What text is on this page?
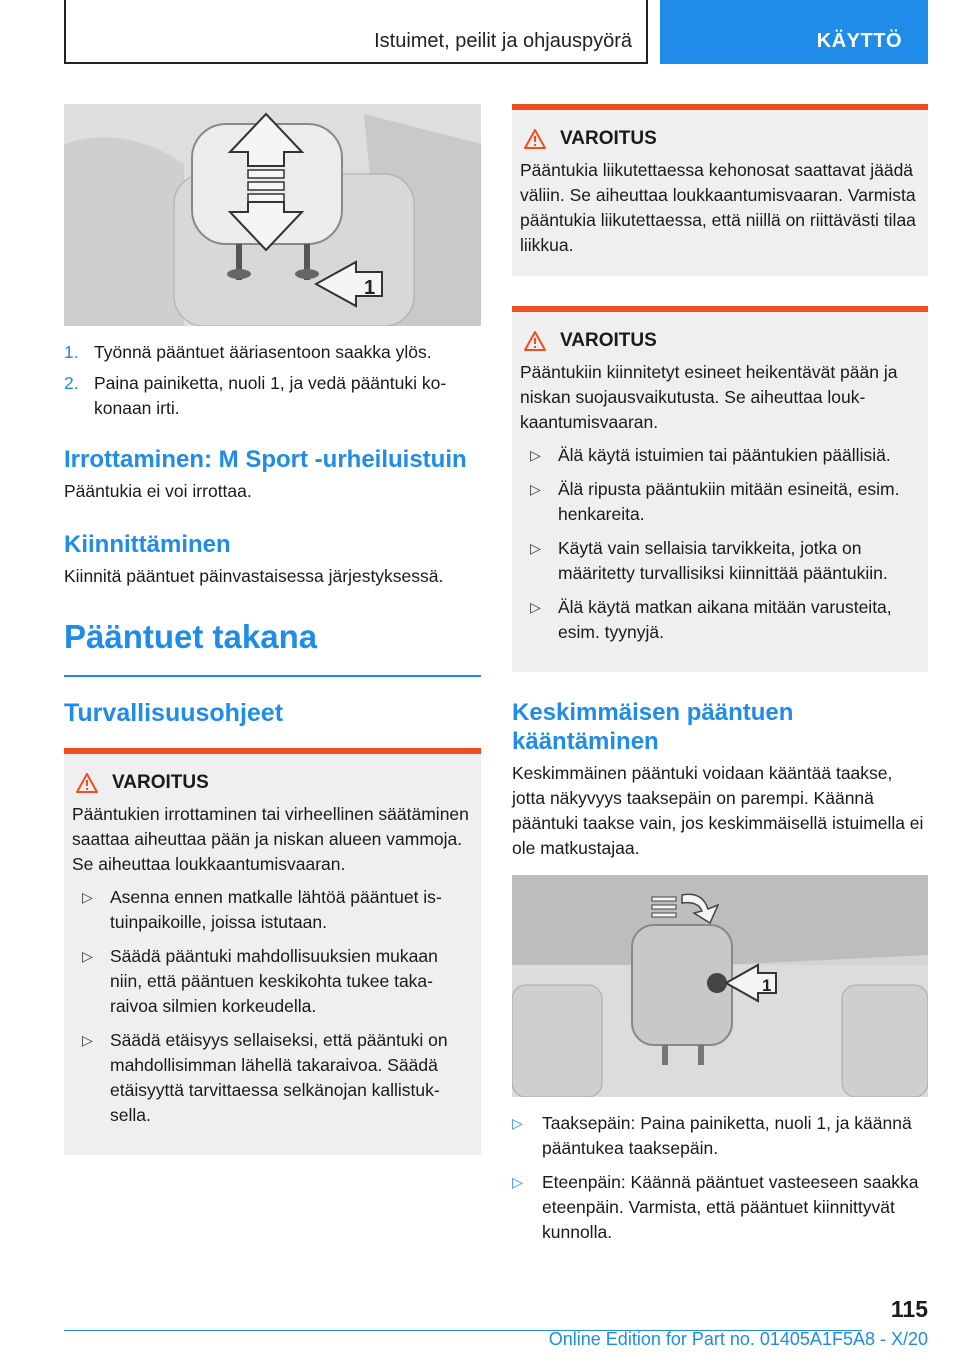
Istuimet, peilit ja ohjauspyörä	KÄYTTÖ
1
1. Työnnä pääntuet ääriasentoon saakka ylös.
2. Paina painiketta, nuoli 1, ja vedä pääntuki kokonaan irti.
Irrottaminen: M Sport -urheiluistuin

Pääntukia ei voi irrottaa.

Kiinnittäminen

Kiinnitä pääntuet päinvastaisessa järjestyksessä.

Pääntuet takana
Turvallisuusohjeet
VAROITUS

Pääntukien irrottaminen tai virheellinen säätäminen saattaa aiheuttaa pään ja niskan alueen vammoja. Se aiheuttaa loukkaantumisvaaran.

▷ Asenna ennen matkalle lähtöä pääntuet istuinpaikoille, joissa istutaan.
▷ Säädä pääntuki mahdollisuuksien mukaan niin, että pääntuen keskikohta tukee takaraivoa silmien korkeudella.
▷ Säädä etäisyys sellaiseksi, että pääntuki on mahdollisimman lähellä takaraivoa. Säädä etäisyyttä tarvittaessa selkänojan kallistuksella.
VAROITUS

Pääntukia liikutettaessa kehonosat saattavat jäädä väliin. Se aiheuttaa loukkaantumisvaaran. Varmista pääntukia liikutettaessa, että niillä on riittävästi tilaa liikkua.

VAROITUS

Pääntukiin kiinnitetyt esineet heikentävät pään ja niskan suojausvaikutusta. Se aiheuttaa loukkaantumisvaaran.

▷ Älä käytä istuimien tai pääntukien päällisiä.
▷ Älä ripusta pääntukiin mitään esineitä, esim. henkareita.
▷ Käytä vain sellaisia tarvikkeita, jotka on määritetty turvallisiksi kiinnittää pääntukiin.
▷ Älä käytä matkan aikana mitään varusteita, esim. tyynyjä.
Keskimmäisen pääntuen kääntäminen

Keskimmäinen pääntuki voidaan kääntää taakse, jotta näkyvyys taaksepäin on parempi. Käännä pääntuki taakse vain, jos keskimmäisellä istuimella ei ole matkustajaa.

1
▷	Taaksepäin: Paina painiketta, nuoli 1, ja käännä pääntukea taaksepäin.
▷	Eteenpäin: Käännä pääntuet vasteeseen saakka eteenpäin. Varmista, että pääntuet kiinnittyvät kunnolla.
115
Online Edition for Part no. 01405A1F5A8 - X/20
